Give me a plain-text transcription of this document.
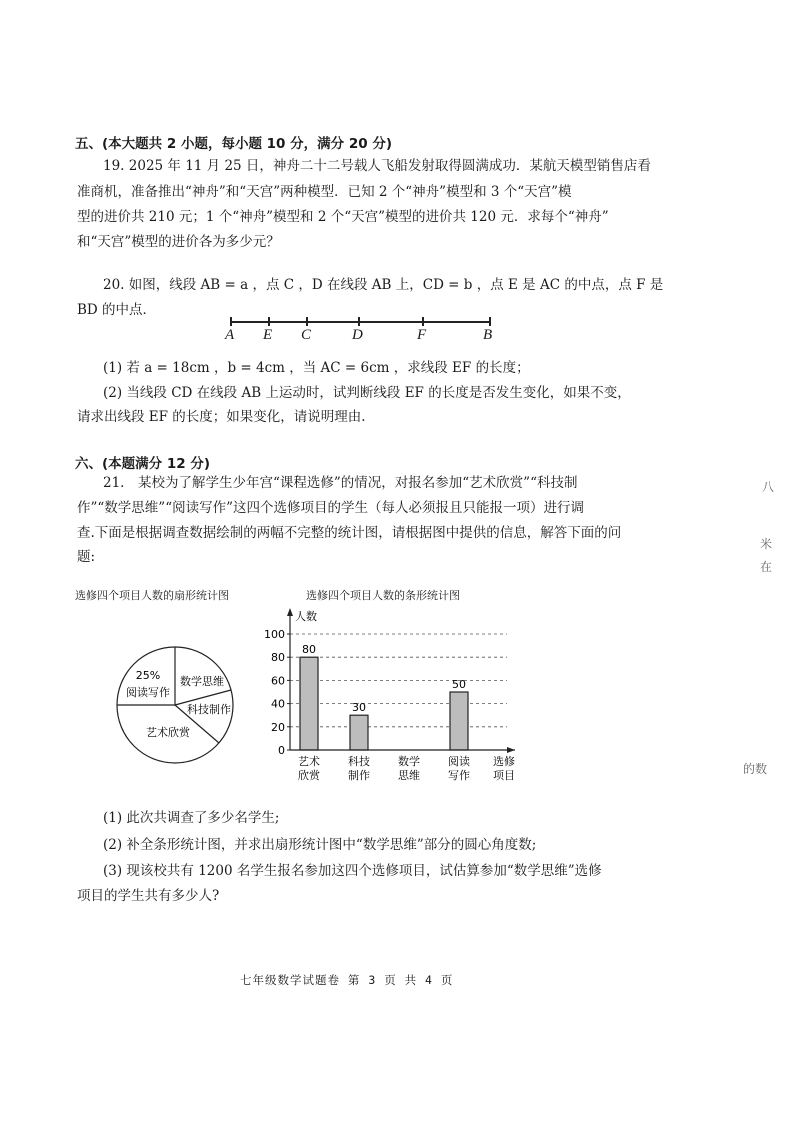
五、(本大题共 2 小题，每小题 10 分，满分 20 分)
19. 2025 年 11 月 25 日，神舟二十二号载人飞船发射取得圆满成功．某航天模型销售店看
准商机，准备推出“神舟”和“天宫”两种模型．已知 2 个“神舟”模型和 3 个“天宫”模
型的进价共 210 元；1 个“神舟”模型和 2 个“天宫”模型的进价共 120 元．求每个“神舟”
和“天宫”模型的进价各为多少元？
20. 如图，线段 AB = a ，点 C ，D 在线段 AB 上，CD = b ，点 E 是 AC 的中点，点 F 是
BD 的中点．
A E C	D	F	B
(1) 若 a = 18cm ，b = 4cm ，当 AC = 6cm ，求线段 EF 的长度；
(2) 当线段 CD 在线段 AB 上运动时，试判断线段 EF 的长度是否发生变化，如果不变，
请求出线段 EF 的长度；如果变化，请说明理由.
六、(本题满分 12 分)
21.　某校为了解学生少年宫“课程选修”的情况，对报名参加“艺术欣赏”“科技制
作”“数学思维”“阅读写作”这四个选修项目的学生（每人必须报且只能报一项）进行调
查.下面是根据调查数据绘制的两幅不完整的统计图，请根据图中提供的信息，解答下面的问
题:
八
米
在
的数
选修四个项目人数的扇形统计图	选修四个项目人数的条形统计图
25%
阅读写作
数学思维
科技制作
艺术欣赏
0
20
40
60
80
100
80
30
50
人数
艺术
欣赏
科技
制作
数学
思维
阅读
写作
选修
项目
(1) 此次共调查了多少名学生;
(2) 补全条形统计图，并求出扇形统计图中“数学思维”部分的圆心角度数;
(3) 现该校共有 1200 名学生报名参加这四个选修项目，试估算参加“数学思维”选修
项目的学生共有多少人?
七年级数学试题卷 第 3 页 共 4 页
